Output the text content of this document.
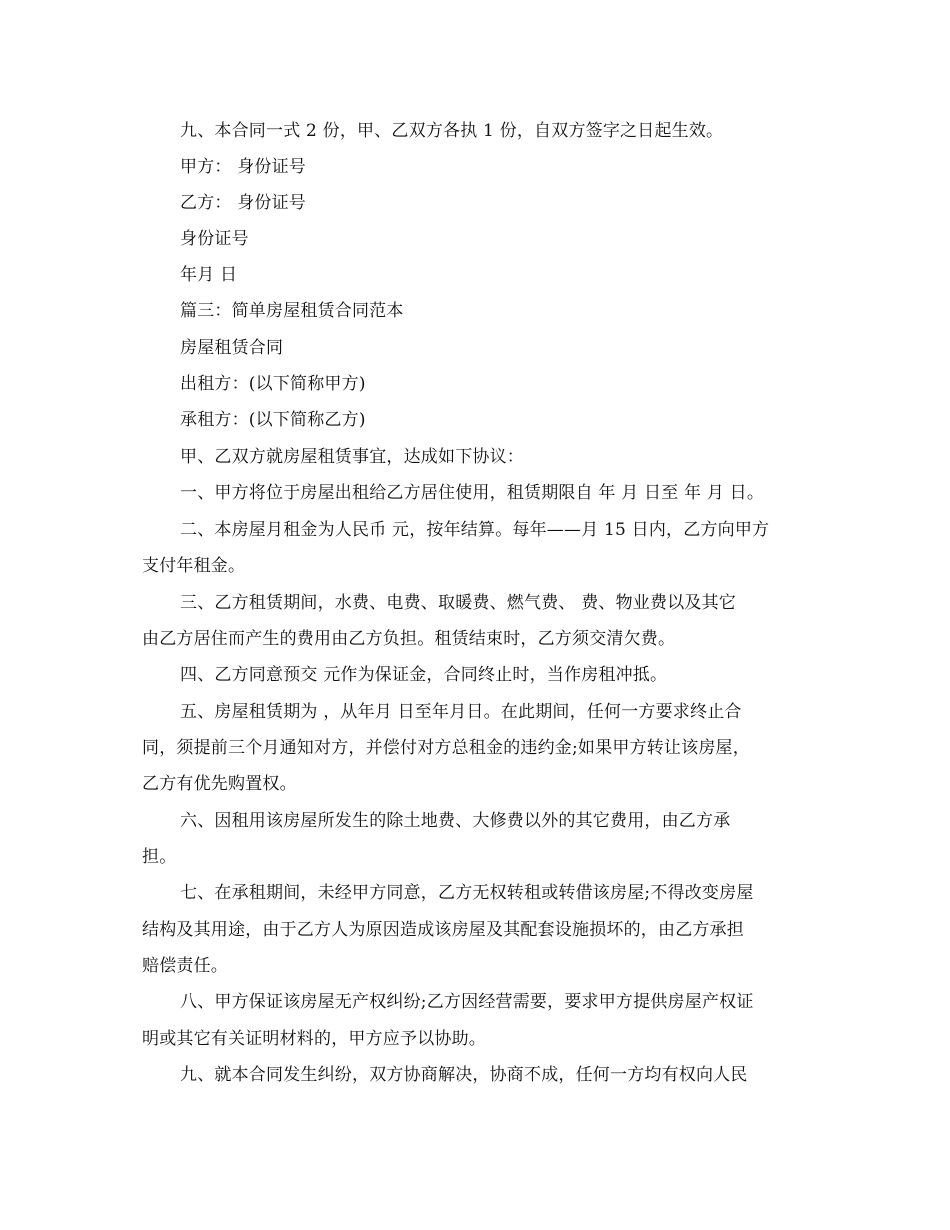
九、本合同一式 2 份，甲、乙双方各执 1 份，自双方签字之日起生效。
甲方： 身份证号
乙方： 身份证号
身份证号
年月 日
篇三：简单房屋租赁合同范本
房屋租赁合同
出租方：(以下简称甲方)
承租方：(以下简称乙方)
甲、乙双方就房屋租赁事宜，达成如下协议：
一、甲方将位于房屋出租给乙方居住使用，租赁期限自 年 月 日至 年 月 日。
二、本房屋月租金为人民币 元，按年结算。每年——月 15 日内，乙方向甲方
支付年租金。
三、乙方租赁期间，水费、电费、取暖费、燃气费、 费、物业费以及其它
由乙方居住而产生的费用由乙方负担。租赁结束时，乙方须交清欠费。
四、乙方同意预交 元作为保证金，合同终止时，当作房租冲抵。
五、房屋租赁期为 ，从年月 日至年月日。在此期间，任何一方要求终止合
同，须提前三个月通知对方，并偿付对方总租金的违约金;如果甲方转让该房屋，
乙方有优先购置权。
六、因租用该房屋所发生的除土地费、大修费以外的其它费用，由乙方承
担。
七、在承租期间，未经甲方同意，乙方无权转租或转借该房屋;不得改变房屋
结构及其用途，由于乙方人为原因造成该房屋及其配套设施损坏的，由乙方承担
赔偿责任。
八、甲方保证该房屋无产权纠纷;乙方因经营需要，要求甲方提供房屋产权证
明或其它有关证明材料的，甲方应予以协助。
九、就本合同发生纠纷，双方协商解决，协商不成，任何一方均有权向人民
